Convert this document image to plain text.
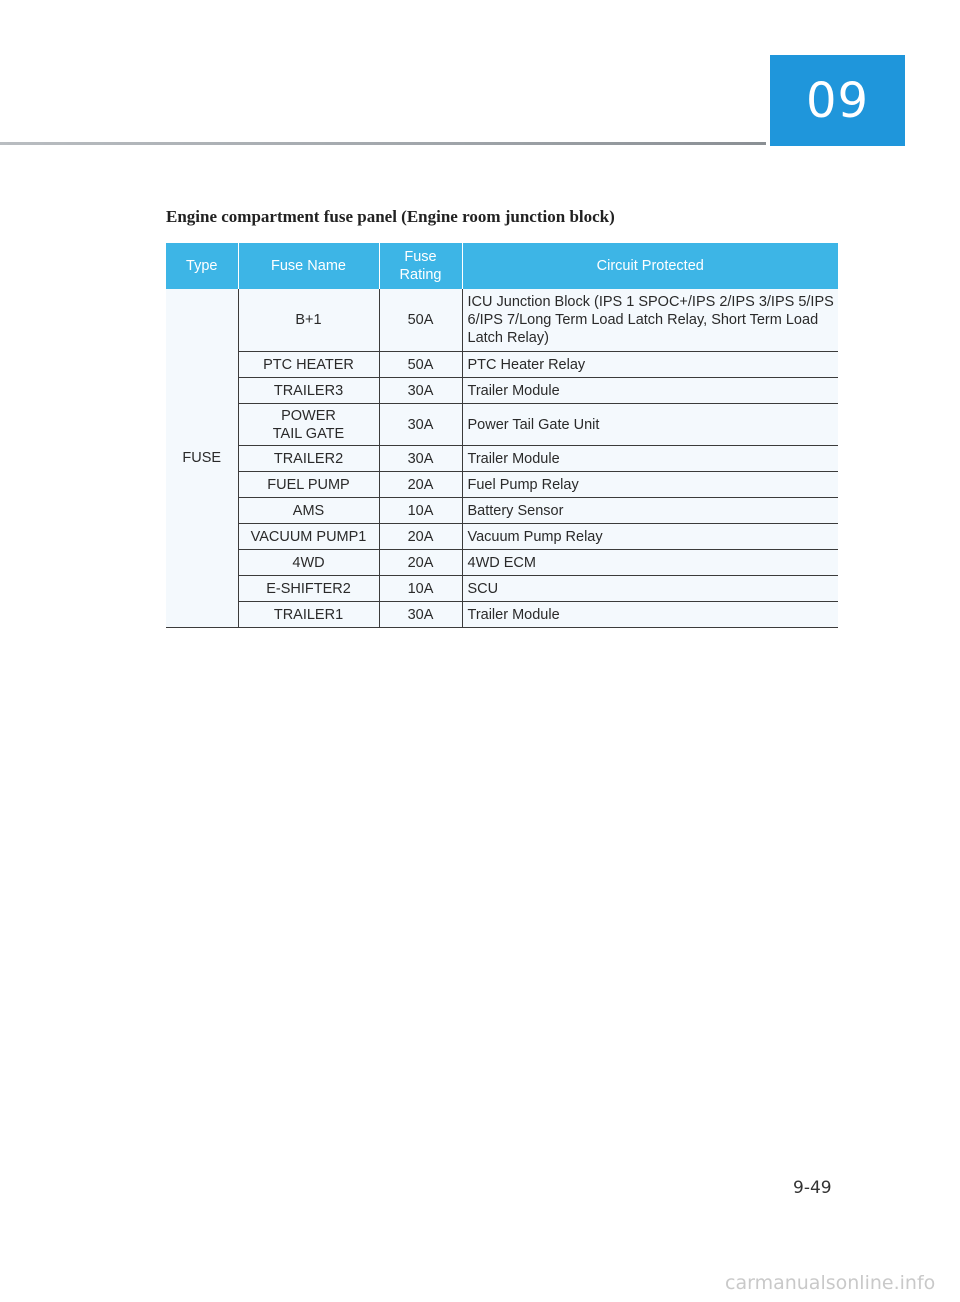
09
Engine compartment fuse panel (Engine room junction block)
Type	Fuse Name	Fuse Rating	Circuit Protected
FUSE	B+1	50A	ICU Junction Block (IPS 1 SPOC+/IPS 2/IPS 3/IPS 5/IPS 6/IPS 7/Long Term Load Latch Relay, Short Term Load Latch Relay)
	PTC HEATER	50A	PTC Heater Relay
	TRAILER3	30A	Trailer Module
	POWER TAIL GATE	30A	Power Tail Gate Unit
	TRAILER2	30A	Trailer Module
	FUEL PUMP	20A	Fuel Pump Relay
	AMS	10A	Battery Sensor
	VACUUM PUMP1	20A	Vacuum Pump Relay
	4WD	20A	4WD ECM
	E-SHIFTER2	10A	SCU
	TRAILER1	30A	Trailer Module
9-49
carmanualsonline.info
